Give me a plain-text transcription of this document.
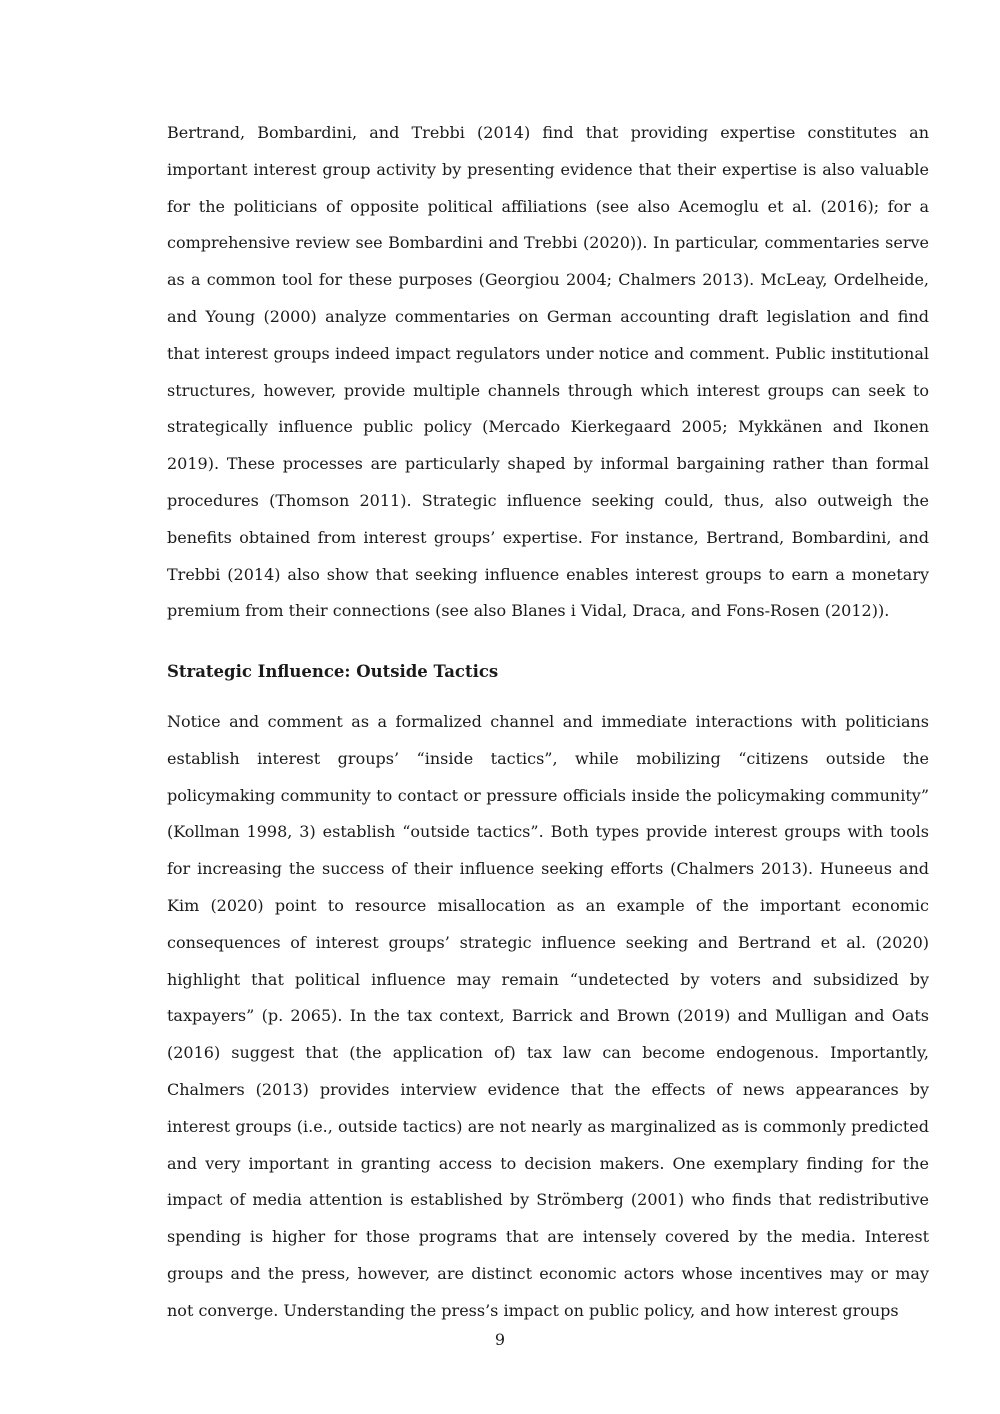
Bertrand, Bombardini, and Trebbi (2014) find that providing expertise constitutes an important interest group activity by presenting evidence that their expertise is also valuable for the politicians of opposite political affiliations (see also Acemoglu et al. (2016); for a comprehensive review see Bombardini and Trebbi (2020)). In particular, commentaries serve as a common tool for these purposes (Georgiou 2004; Chalmers 2013). McLeay, Ordelheide, and Young (2000) analyze commentaries on German accounting draft legislation and find that interest groups indeed impact regulators under notice and comment. Public institutional structures, however, provide multiple channels through which interest groups can seek to strategically influence public policy (Mercado Kierkegaard 2005; Mykkänen and Ikonen 2019). These processes are particularly shaped by informal bargaining rather than formal procedures (Thomson 2011). Strategic influence seeking could, thus, also outweigh the benefits obtained from interest groups’ expertise. For instance, Bertrand, Bombardini, and Trebbi (2014) also show that seeking influence enables interest groups to earn a monetary premium from their connections (see also Blanes i Vidal, Draca, and Fons-Rosen (2012)).

Strategic Influence: Outside Tactics

Notice and comment as a formalized channel and immediate interactions with politicians establish interest groups’ “inside tactics”, while mobilizing “citizens outside the policymaking community to contact or pressure officials inside the policymaking community” (Kollman 1998, 3) establish “outside tactics”. Both types provide interest groups with tools for increasing the success of their influence seeking efforts (Chalmers 2013). Huneeus and Kim (2020) point to resource misallocation as an example of the important economic consequences of interest groups’ strategic influence seeking and Bertrand et al. (2020) highlight that political influence may remain “undetected by voters and subsidized by taxpayers” (p. 2065). In the tax context, Barrick and Brown (2019) and Mulligan and Oats (2016) suggest that (the application of) tax law can become endogenous. Importantly, Chalmers (2013) provides interview evidence that the effects of news appearances by interest groups (i.e., outside tactics) are not nearly as marginalized as is commonly predicted and very important in granting access to decision makers. One exemplary finding for the impact of media attention is established by Strömberg (2001) who finds that redistributive spending is higher for those programs that are intensely covered by the media. Interest groups and the press, however, are distinct economic actors whose incentives may or may not converge. Understanding the press’s impact on public policy, and how interest groups

9
